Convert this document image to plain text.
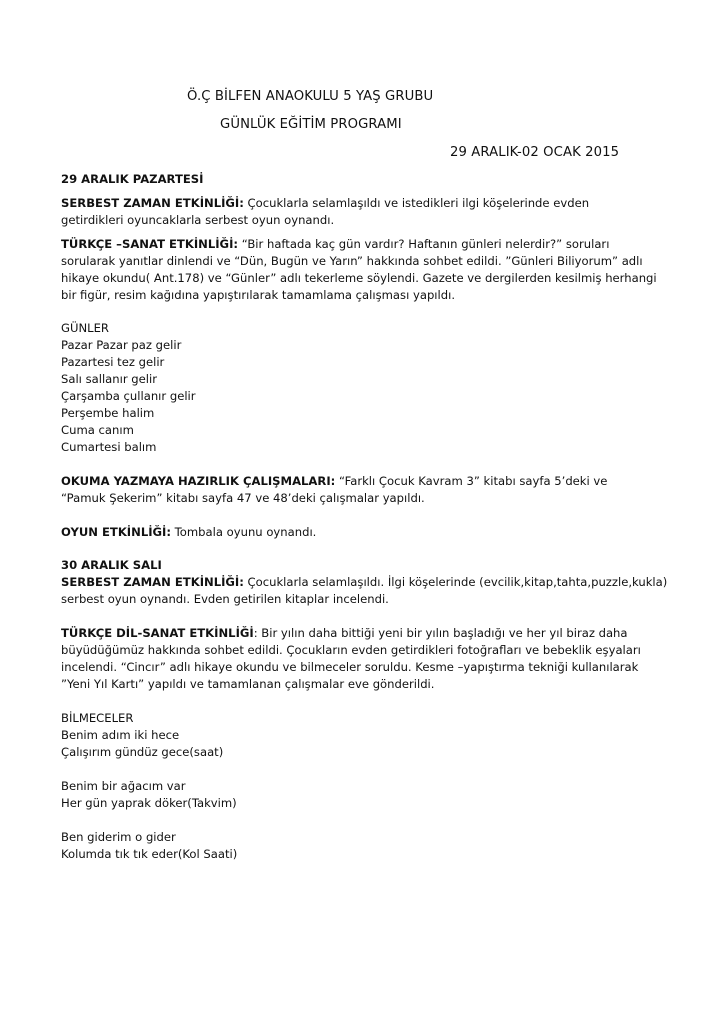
Ö.Ç BİLFEN ANAOKULU 5 YAŞ GRUBU
GÜNLÜK EĞİTİM PROGRAMI
29 ARALIK-02 OCAK 2015
29 ARALIK PAZARTESİ
SERBEST ZAMAN ETKİNLİĞİ: Çocuklarla selamlaşıldı ve istedikleri ilgi köşelerinde evden
getirdikleri oyuncaklarla serbest oyun oynandı.
TÜRKÇE –SANAT ETKİNLİĞİ: “Bir haftada kaç gün vardır? Haftanın günleri nelerdir?” soruları
sorularak yanıtlar dinlendi ve “Dün, Bugün ve Yarın” hakkında sohbet edildi. ”Günleri Biliyorum” adlı
hikaye okundu( Ant.178) ve “Günler” adlı tekerleme söylendi. Gazete ve dergilerden kesilmiş herhangi
bir figür, resim kağıdına yapıştırılarak tamamlama çalışması yapıldı.
GÜNLER
Pazar Pazar paz gelir
Pazartesi tez gelir
Salı sallanır gelir
Çarşamba çullanır gelir
Perşembe halim
Cuma canım
Cumartesi balım
OKUMA YAZMAYA HAZIRLIK ÇALIŞMALARI: “Farklı Çocuk Kavram 3” kitabı sayfa 5’deki ve
“Pamuk Şekerim” kitabı sayfa 47 ve 48’deki çalışmalar yapıldı.
OYUN ETKİNLİĞİ: Tombala oyunu oynandı.
30 ARALIK SALI
SERBEST ZAMAN ETKİNLİĞİ: Çocuklarla selamlaşıldı. İlgi köşelerinde (evcilik,kitap,tahta,puzzle,kukla)
serbest oyun oynandı. Evden getirilen kitaplar incelendi.
TÜRKÇE DİL-SANAT ETKİNLİĞİ: Bir yılın daha bittiği yeni bir yılın başladığı ve her yıl biraz daha
büyüdüğümüz hakkında sohbet edildi. Çocukların evden getirdikleri fotoğrafları ve bebeklik eşyaları
incelendi. “Cincır” adlı hikaye okundu ve bilmeceler soruldu. Kesme –yapıştırma tekniği kullanılarak
”Yeni Yıl Kartı” yapıldı ve tamamlanan çalışmalar eve gönderildi.
BİLMECELER
Benim adım iki hece
Çalışırım gündüz gece(saat)
Benim bir ağacım var
Her gün yaprak döker(Takvim)
Ben giderim o gider
Kolumda tık tık eder(Kol Saati)
